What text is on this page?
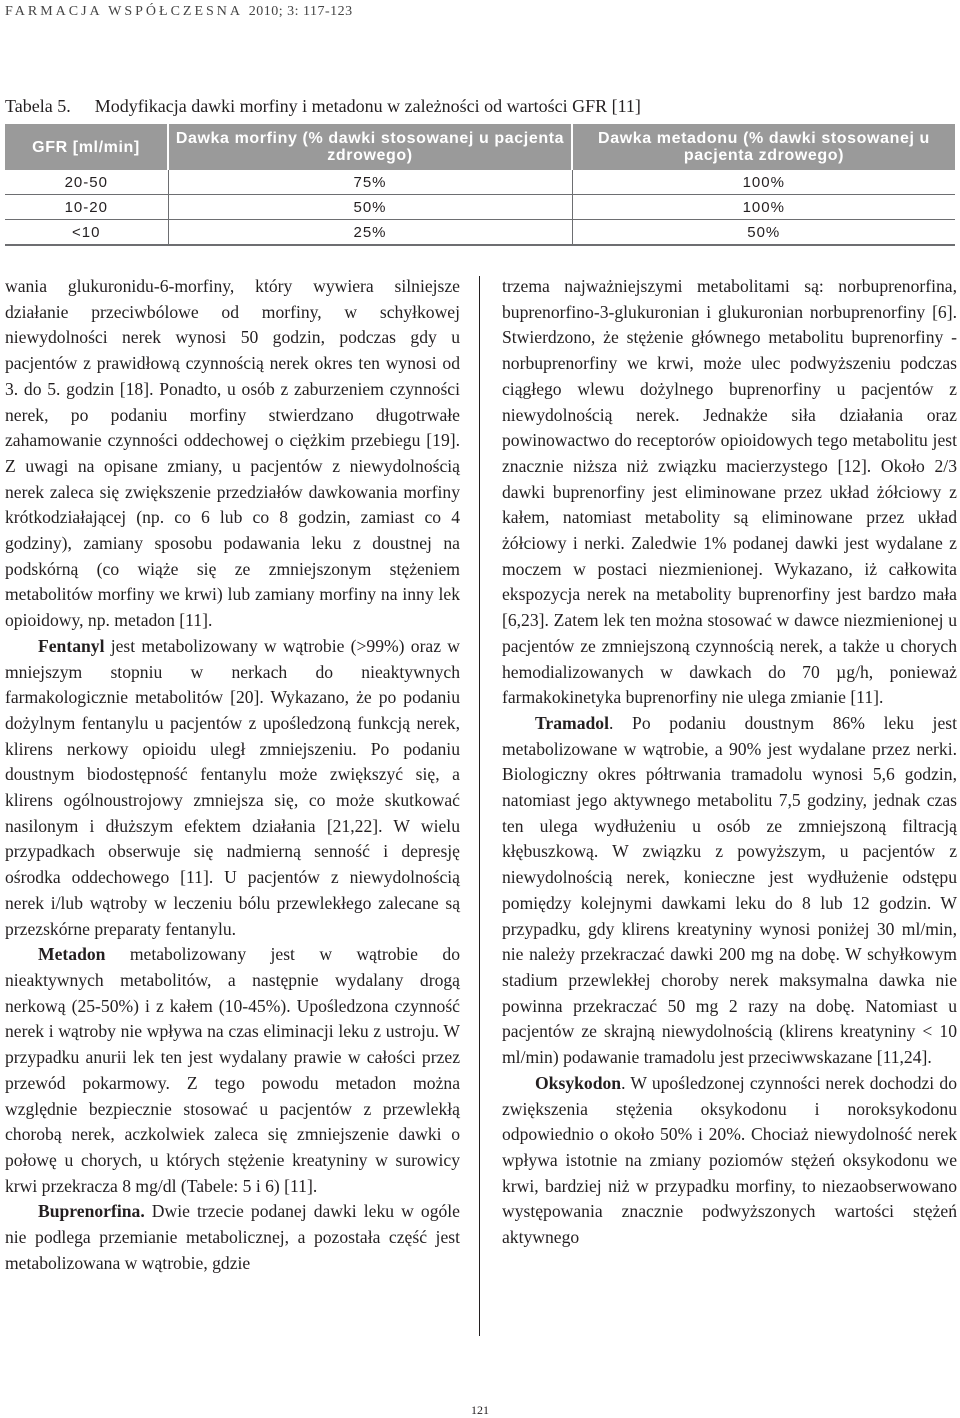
FARMACJA WSPÓŁCZESNA 2010; 3: 117-123
Tabela 5. Modyfikacja dawki morfiny i metadonu w zależności od wartości GFR [11]
GFR [ml/min]	Dawka morfiny (% dawki stosowanej u pacjenta zdrowego)	Dawka metadonu (% dawki stosowanej u pacjenta zdrowego)
20-50	75%	100%
10-20	50%	100%
<10	25%	50%

wania glukuronidu-6-morfiny, który wywiera silniejsze działanie przeciwbólowe od morfiny, w schyłkowej niewydolności nerek wynosi 50 godzin, podczas gdy u pacjentów z prawidłową czynnością nerek okres ten wynosi od 3. do 5. godzin [18]. Ponadto, u osób z zaburzeniem czynności nerek, po podaniu morfiny stwierdzano długotrwałe zahamowanie czynności oddechowej o ciężkim przebiegu [19]. Z uwagi na opisane zmiany, u pacjentów z niewydolnością nerek zaleca się zwiększenie przedziałów dawkowania morfiny krótkodziałającej (np. co 6 lub co 8 godzin, zamiast co 4 godziny), zamiany sposobu podawania leku z doustnej na podskórną (co wiąże się ze zmniejszonym stężeniem metabolitów morfiny we krwi) lub zamiany morfiny na inny lek opioidowy, np. metadon [11].

Fentanyl jest metabolizowany w wątrobie (>99%) oraz w mniejszym stopniu w nerkach do nieaktywnych farmakologicznie metabolitów [20]. Wykazano, że po podaniu dożylnym fentanylu u pacjentów z upośledzoną funkcją nerek, klirens nerkowy opioidu uległ zmniejszeniu. Po podaniu doustnym biodostępność fentanylu może zwiększyć się, a klirens ogólnoustrojowy zmniejsza się, co może skutkować nasilonym i dłuższym efektem działania [21,22]. W wielu przypadkach obserwuje się nadmierną senność i depresję ośrodka oddechowego [11]. U pacjentów z niewydolnością nerek i/lub wątroby w leczeniu bólu przewlekłego zalecane są przezskórne preparaty fentanylu.

Metadon metabolizowany jest w wątrobie do nieaktywnych metabolitów, a następnie wydalany drogą nerkową (25-50%) i z kałem (10-45%). Upośledzona czynność nerek i wątroby nie wpływa na czas eliminacji leku z ustroju. W przypadku anurii lek ten jest wydalany prawie w całości przez przewód pokarmowy. Z tego powodu metadon można względnie bezpiecznie stosować u pacjentów z przewlekłą chorobą nerek, aczkolwiek zaleca się zmniejszenie dawki o połowę u chorych, u których stężenie kreatyniny w surowicy krwi przekracza 8 mg/dl (Tabele: 5 i 6) [11].

Buprenorfina. Dwie trzecie podanej dawki leku w ogóle nie podlega przemianie metabolicznej, a pozostała część jest metabolizowana w wątrobie, gdzie

trzema najważniejszymi metabolitami są: norbuprenorfina, buprenorfino-3-glukuronian i glukuronian norbuprenorfiny [6]. Stwierdzono, że stężenie głównego metabolitu buprenorfiny - norbuprenorfiny we krwi, może ulec podwyższeniu podczas ciągłego wlewu dożylnego buprenorfiny u pacjentów z niewydolnością nerek. Jednakże siła działania oraz powinowactwo do receptorów opioidowych tego metabolitu jest znacznie niższa niż związku macierzystego [12]. Około 2/3 dawki buprenorfiny jest eliminowane przez układ żółciowy z kałem, natomiast metabolity są eliminowane przez układ żółciowy i nerki. Zaledwie 1% podanej dawki jest wydalane z moczem w postaci niezmienionej. Wykazano, iż całkowita ekspozycja nerek na metabolity buprenorfiny jest bardzo mała [6,23]. Zatem lek ten można stosować w dawce niezmienionej u pacjentów ze zmniejszoną czynnością nerek, a także u chorych hemodializowanych w dawkach do 70 µg/h, ponieważ farmakokinetyka buprenorfiny nie ulega zmianie [11].

Tramadol. Po podaniu doustnym 86% leku jest metabolizowane w wątrobie, a 90% jest wydalane przez nerki. Biologiczny okres półtrwania tramadolu wynosi 5,6 godzin, natomiast jego aktywnego metabolitu 7,5 godziny, jednak czas ten ulega wydłużeniu u osób ze zmniejszoną filtracją kłębuszkową. W związku z powyższym, u pacjentów z niewydolnością nerek, konieczne jest wydłużenie odstępu pomiędzy kolejnymi dawkami leku do 8 lub 12 godzin. W przypadku, gdy klirens kreatyniny wynosi poniżej 30 ml/min, nie należy przekraczać dawki 200 mg na dobę. W schyłkowym stadium przewlekłej choroby nerek maksymalna dawka nie powinna przekraczać 50 mg 2 razy na dobę. Natomiast u pacjentów ze skrajną niewydolnością (klirens kreatyniny < 10 ml/min) podawanie tramadolu jest przeciwwskazane [11,24].

Oksykodon. W upośledzonej czynności nerek dochodzi do zwiększenia stężenia oksykodonu i noroksykodonu odpowiednio o około 50% i 20%. Chociaż niewydolność nerek wpływa istotnie na zmiany poziomów stężeń oksykodonu we krwi, bardziej niż w przypadku morfiny, to niezaobserwowano występowania znacznie podwyższonych wartości stężeń aktywnego

121
